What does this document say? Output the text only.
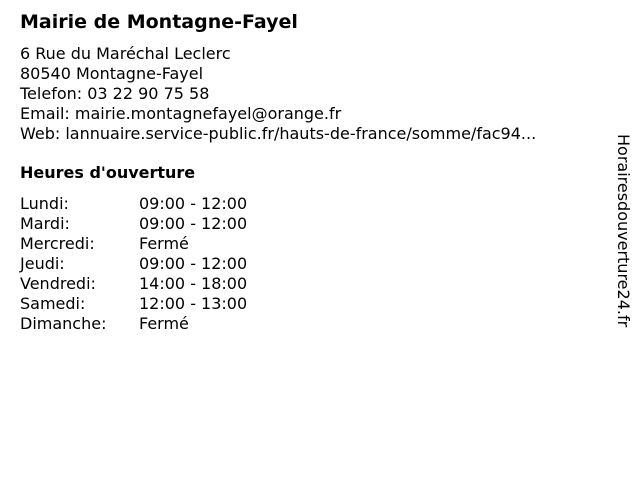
Mairie de Montagne-Fayel
6 Rue du Maréchal Leclerc
80540 Montagne-Fayel
Telefon: 03 22 90 75 58
Email: mairie.montagnefayel@orange.fr
Web: lannuaire.service-public.fr/hauts-de-france/somme/fac94...
Heures d'ouverture
Lundi:	09:00 - 12:00
Mardi:	09:00 - 12:00
Mercredi:	Fermé
Jeudi:	09:00 - 12:00
Vendredi:	14:00 - 18:00
Samedi:	12:00 - 13:00
Dimanche: Fermé	Horairesdouverture24.fr
